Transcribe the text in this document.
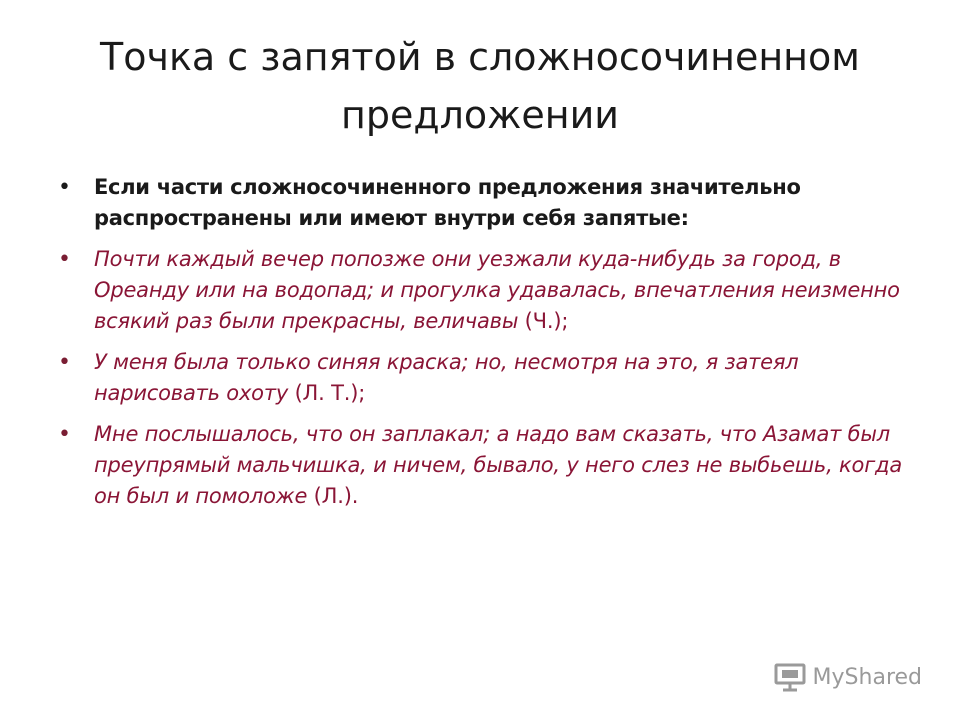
Точка с запятой в сложносочиненном предложении
• Если части сложносочиненного предложения значительно распространены или имеют внутри себя запятые:
• Почти каждый вечер попозже они уезжали куда-нибудь за город, в Ореанду или на водопад; и прогулка удавалась, впечатления неизменно всякий раз были прекрасны, величавы (Ч.);
• У меня была только синяя краска; но, несмотря на это, я затеял нарисовать охоту (Л. Т.);
• Мне послышалось, что он заплакал; а надо вам сказать, что Азамат был преупрямый мальчишка, и ничем, бывало, у него слез не выбьешь, когда он был и помоложе (Л.).
MyShared
